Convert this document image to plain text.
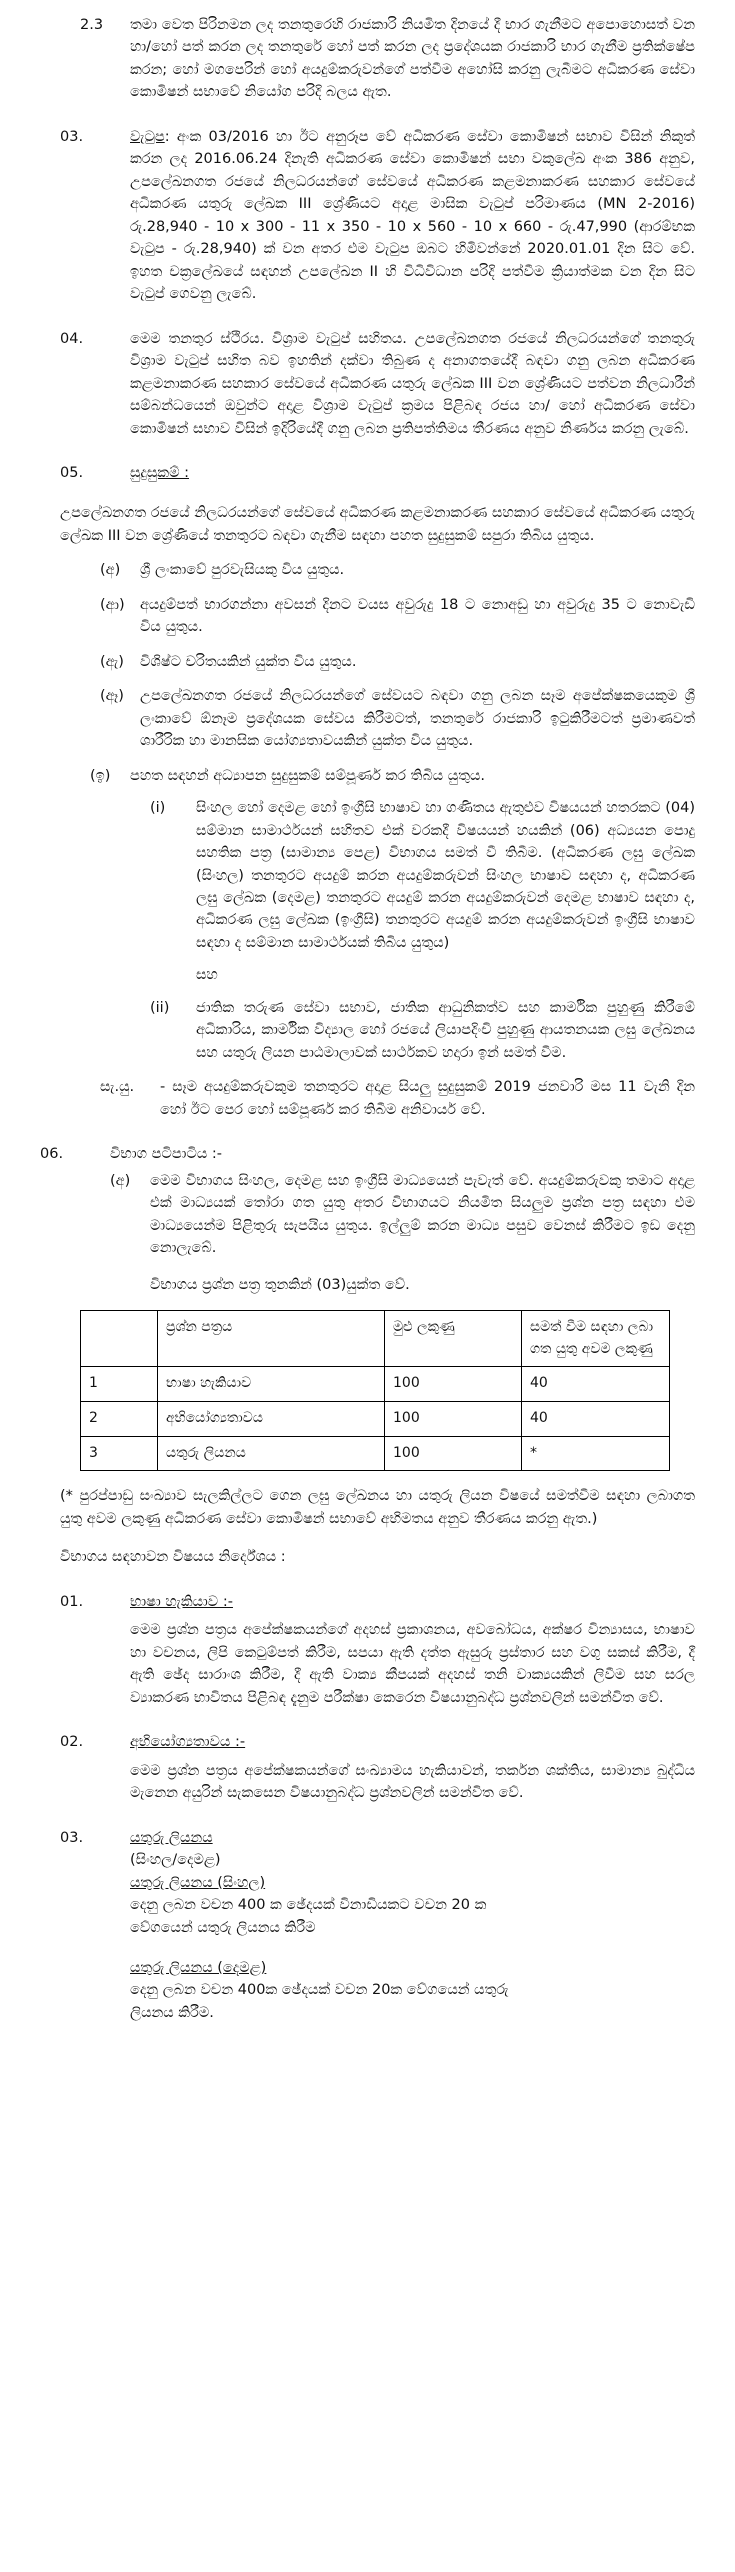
2.3	තමා වෙත පිරිනමන ලද තනතුරෙහි රාජකාරි නියමිත දිනයේ දී භාර ගැනීමට අපොහොසත් වන හා/හෝ පත් කරන ලද තනතුරේ හෝ පත් කරන ලද ප්‍රදේශයක රාජකාරි භාර ගැනීම ප්‍රතික්ෂේප කරන; හෝ මගපෙරින් හෝ අයදුම්කරුවන්ගේ පත්වීම අහෝසි කරනු ලැබීමට අධිකරණ සේවා කොමිෂන් සභාවේ නියෝග පරිදි බලය ඇත.
03.	වැටුප: අංක 03/2016 හා ඊට අනුරූප වේ අධිකරණ සේවා කොමිෂන් සභාව විසින් නිකුත් කරන ලද 2016.06.24 දිනැති අධිකරණ සේවා කොමිෂන් සභා වකුලේඛ අංක 386 අනුව, උපලේඛනගත රජයේ නිලධරයන්ගේ සේවයේ අධිකරණ කළමනාකරණ සහකාර සේවයේ අධිකරණ යතුරු ලේඛක III ශ්‍රේණියට අදාළ මාසික වැටුප් පරිමාණය (MN 2-2016) රු.28,940 - 10 x 300 - 11 x 350 - 10 x 560 - 10 x 660 - රු.47,990 (ආරම්භක වැටුප - රු.28,940) ක් වන අතර එම වැටුප ඔබට හිමිවන්නේ 2020.01.01 දින සිට වේ. ඉහත චක්‍රලේඛයේ සඳහන් උපලේඛන II හි විධිවිධාන පරිදි පත්වීම ක්‍රියාත්මක වන දින සිට වැටුප් ගෙවනු ලැබේ.
04.	මෙම තනතුර ස්ථිරය. විශ්‍රාම වැටුප් සහිතය. උපලේඛනගත රජයේ නිලධරයන්ගේ තනතුරු විශ්‍රාම වැටුප් සහිත බව ඉහතින් දක්වා තිබුණ ද අනාගතයේදී බඳවා ගනු ලබන අධිකරණ කළමනාකරණ සහකාර සේවයේ අධිකරණ යතුරු ලේඛක III වන ශ්‍රේණියට පත්වන නිලධාරීන් සම්බන්ධයෙන් ඔවුන්ට අදාළ විශ්‍රාම වැටුප් ක්‍රමය පිළිබඳ රජය හා/ හෝ අධිකරණ සේවා කොමිෂන් සභාව විසින් ඉදිරියේදී ගනු ලබන ප්‍රතිපත්තිමය තීරණය අනුව නිර්ණය කරනු ලැබේ.
05.	සුදුසුකම් :
උපලේඛනගත රජයේ නිලධරයන්ගේ සේවයේ අධිකරණ කළමනාකරණ සහකාර සේවයේ අධිකරණ යතුරු ලේඛක III වන ශ්‍රේණියේ තනතුරට බඳවා ගැනීම සඳහා පහත සුදුසුකම් සපුරා තිබිය යුතුය.
(අ)	ශ්‍රී ලංකාවේ පුරවැසියකු විය යුතුය.
(ආ)	අයදුම්පත් භාරගන්නා අවසන් දිනට වයස අවුරුදු 18 ට නොඅඩු හා අවුරුදු 35 ට නොවැඩි විය යුතුය.
(ඇ)	විශිෂ්ට චරිතයකින් යුක්ත විය යුතුය.
(ඈ)	උපලේඛනගත රජයේ නිලධරයන්ගේ සේවයට බඳවා ගනු ලබන සෑම අපේක්ෂකයෙකුම ශ්‍රී ලංකාවේ ඕනෑම ප්‍රදේශයක සේවය කිරීමටත්, තනතුරේ රාජකාරි ඉටුකිරීමටත් ප්‍රමාණවත් ශාරීරික හා මානසික යෝග්‍යතාවයකින් යුක්ත විය යුතුය.
(ඉ)	පහත සඳහන් අධ්‍යාපන සුදුසුකම් සම්පූර්ණ කර තිබිය යුතුය.
(i)	සිංහල හෝ දෙමළ හෝ ඉංග්‍රීසි භාෂාව හා ගණිතය ඇතුළුව විෂයයන් හතරකට (04) සම්මාන සාමාර්ථයන් සහිතව එක් වරකදී විෂයයන් හයකින් (06) අධ්‍යයන පොදු සහතික පත්‍ර (සාමාන්‍ය පෙළ) විභාගය සමත් වී තිබීම. (අධිකරණ ලඝු ලේඛක (සිංහල) තනතුරට අයදුම් කරන අයදුම්කරුවන් සිංහල භාෂාව සඳහා ද, අධිකරණ ලඝු ලේඛක (දෙමළ) තනතුරට අයදුම් කරන අයදුම්කරුවන් දෙමළ භාෂාව සඳහා ද, අධිකරණ ලඝු ලේඛක (ඉංග්‍රීසි) තනතුරට අයදුම් කරන අයදුම්කරුවන් ඉංග්‍රීසි භාෂාව සඳහා ද සම්මාන සාමාර්ථයක් තිබිය යුතුය)
සහ
(ii)	ජාතික තරුණ සේවා සභාව, ජාතික ආධුනිකත්ව සහ කාර්මික පුහුණු කිරීමේ අධිකාරිය, කාර්මික විද්‍යාල හෝ රජයේ ලියාපදිංචි පුහුණු ආයතනයක ලඝු ලේඛනය සහ යතුරු ලියන පාඨමාලාවක් සාර්ථකව හදාරා ඉන් සමත් වීම.
සැ.යු.	- සෑම අයදුම්කරුවකුම තනතුරට අදාළ සියලු සුදුසුකම් 2019 ජනවාරි මස 11 වැනි දින හෝ ඊට පෙර හෝ සම්පූර්ණ කර තිබීම අනිවාර්ය වේ.
06.	විභාග පටිපාටිය :-
(අ)	මෙම විභාගය සිංහල, දෙමළ සහ ඉංග්‍රීසි මාධ්‍යයෙන් පැවැත් වේ. අයදුම්කරුවකු තමාට අදාළ එක් මාධ්‍යයක් තෝරා ගත යුතු අතර විභාගයට නියමිත සියලුම ප්‍රශ්න පත්‍ර සඳහා එම මාධ්‍යයෙන්ම පිළිතුරු සැපයිය යුතුය. ඉල්ලුම් කරන මාධ්‍ය පසුව වෙනස් කිරීමට ඉඩ දෙනු නොලැබේ.
විභාගය ප්‍රශ්න පත්‍ර තුනකින් (03)යුක්ත වේ.
	ප්‍රශ්න පත්‍රය	මුළු ලකුණු	සමත් වීම සඳහා ලබා ගත යුතු අවම ලකුණු
1	භාෂා හැකියාව	100	40
2	අභියෝග්‍යතාවය	100	40
3	යතුරු ලියනය	100	*
(* පුරප්පාඩු සංඛ්‍යාව සැලකිල්ලට ගෙන ලඝු ලේඛනය හා යතුරු ලියන විෂයේ සමත්වීම සඳහා ලබාගත යුතු අවම ලකුණු අධිකරණ සේවා කොමිෂන් සභාවේ අභිමතය අනුව තීරණය කරනු ඇත.)
විභාගය සඳහාවන විෂයය නිර්දේශය :
01.	භාෂා හැකියාව :-
මෙම ප්‍රශ්න පත්‍රය අපේක්ෂකයන්ගේ අදහස් ප්‍රකාශනය, අවබෝධය, අක්ෂර වින්‍යාසය, භාෂාව හා වචනය, ලිපි කෙටුම්පත් කිරීම, සපයා ඇති දත්ත ඇසුරු ප්‍රස්තාර සහ වගු සකස් කිරීම, දී ඇති ඡේද සාරාංශ කිරීම, දී ඇති වාක්‍ය කීපයක් අදහස් තනි වාක්‍යයකින් ලිවීම සහ සරල ව්‍යාකරණ භාවිතය පිළිබඳ දැනුම පරීක්ෂා කෙරෙන විෂයානුබද්ධ ප්‍රශ්නවලින් සමන්විත වේ.
02.	අභියෝග්‍යතාවය :-
මෙම ප්‍රශ්න පත්‍රය අපේක්ෂකයන්ගේ සංඛ්‍යාමය හැකියාවන්, තර්කන ශක්තිය, සාමාන්‍ය බුද්ධිය මැනෙන අයුරින් සැකසෙන විෂයානුබද්ධ ප්‍රශ්නවලින් සමන්විත වේ.
03.	යතුරු ලියනය
(සිංහල/දෙමළ)
යතුරු ලියනය (සිංහල)
දෙනු ලබන වචන 400 ක ඡේදයක් විනාඩියකට වචන 20 ක
වේගයෙන් යතුරු ලියනය කිරීම
යතුරු ලියනය (දෙමළ)
දෙනු ලබන වචන 400ක ඡේදයක් වචන 20ක වේගයෙන් යතුරු
ලියනය කිරීම.
